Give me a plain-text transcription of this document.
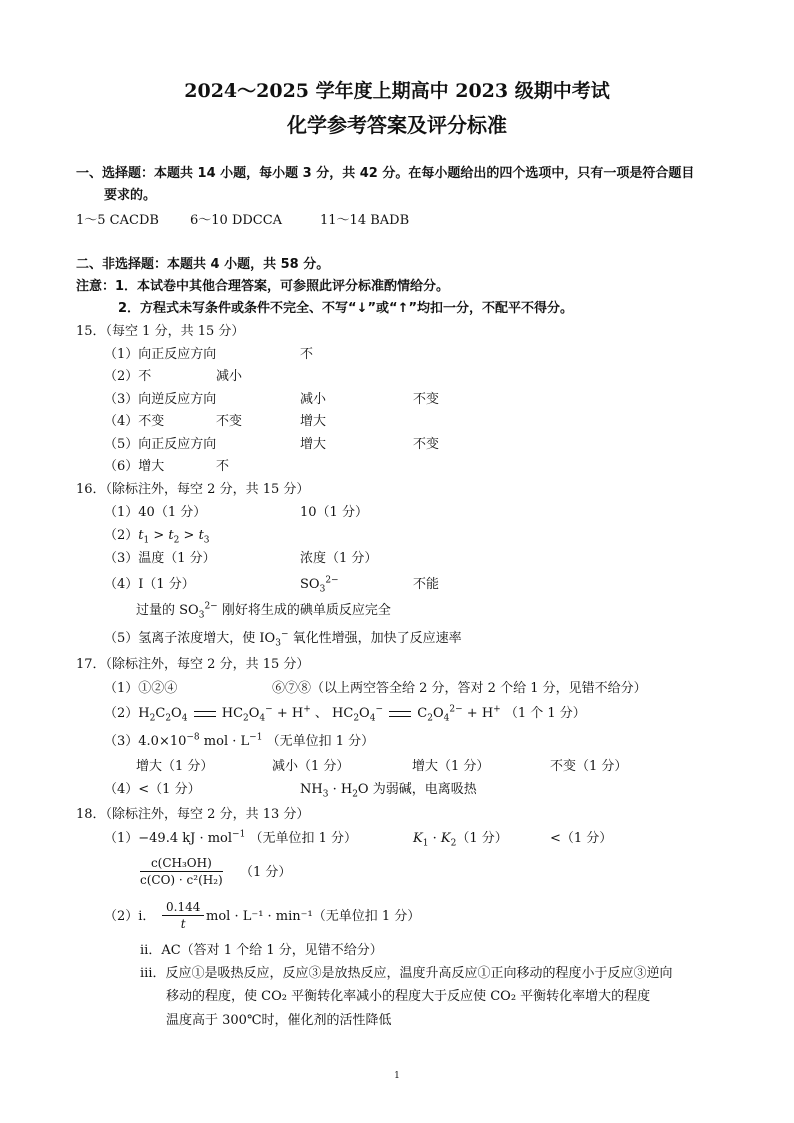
2024～2025 学年度上期高中 2023 级期中考试
化学参考答案及评分标准
一、选择题：本题共 14 小题，每小题 3 分，共 42 分。在每小题给出的四个选项中，只有一项是符合题目
要求的。
1～5 CACDB 6～10 DDCCA	11～14 BADB
二、非选择题：本题共 4 小题，共 58 分。
注意：1．本试卷中其他合理答案，可参照此评分标准酌情给分。
2．方程式未写条件或条件不完全、不写“↓”或“↑”均扣一分，不配平不得分。
15．（每空 1 分，共 15 分）
（1）向正反应方向	不
（2）不	减小
（3）向逆反应方向	减小	不变
（4）不变	不变	增大
（5）向正反应方向	增大	不变
（6）增大	不
16．（除标注外，每空 2 分，共 15 分）
（1）40（1 分）	10（1 分）
$(2)t_1 > t_2 > t_3$
（3）温度（1 分）	浓度（1 分）
（4）Ⅰ（1 分）	$SO_3^{2-}$	不能
过量的 $SO_3^{2-}$ 刚好将生成的碘单质反应完全
（5）氢离子浓度增大，使 $IO_3^-$ 氧化性增强，加快了反应速率
17．（除标注外，每空 2 分，共 15 分）
（1）①②④	⑥⑦⑧（以上两空答全给 2 分，答对 2 个给 1 分，见错不给分）
$(2)H_2C_2O_4$  $HC_2O_4^- + H^+$ 、 $HC_2O_4^-$  $C_2O_4^{2-} + H^+$ （1 个 1 分）
$(3)4.0\times 10^{-8}$ mol · $L^{-1}$ （无单位扣 1 分）
增大（1 分）	减小（1 分）	增大（1 分）	不变（1 分）
（4）<（1 分）	$NH_3 \cdot H_2O$ 为弱碱，电离吸热
18．（除标注外，每空 2 分，共 13 分）
（1）−49.4 kJ · mol$^{-1}$ （无单位扣 1 分）	$K_1 \cdot K_2(1$ 分）	<（1 分）
$\frac{\text{c(CH₃OH)}}{\text{c(CO) · c²(H₂)}} (1$ 分）
（2）ⅰ． $\frac{0.144}{t}$ mol · L⁻¹ · min⁻¹（无单位扣 1 分）
ⅱ．AC（答对 1 个给 1 分，见错不给分）
ⅲ．反应①是吸热反应，反应③是放热反应，温度升高反应①正向移动的程度小于反应③逆向
移动的程度，使 CO₂ 平衡转化率减小的程度大于反应使 CO₂ 平衡转化率增大的程度
温度高于 300℃时，催化剂的活性降低
1
